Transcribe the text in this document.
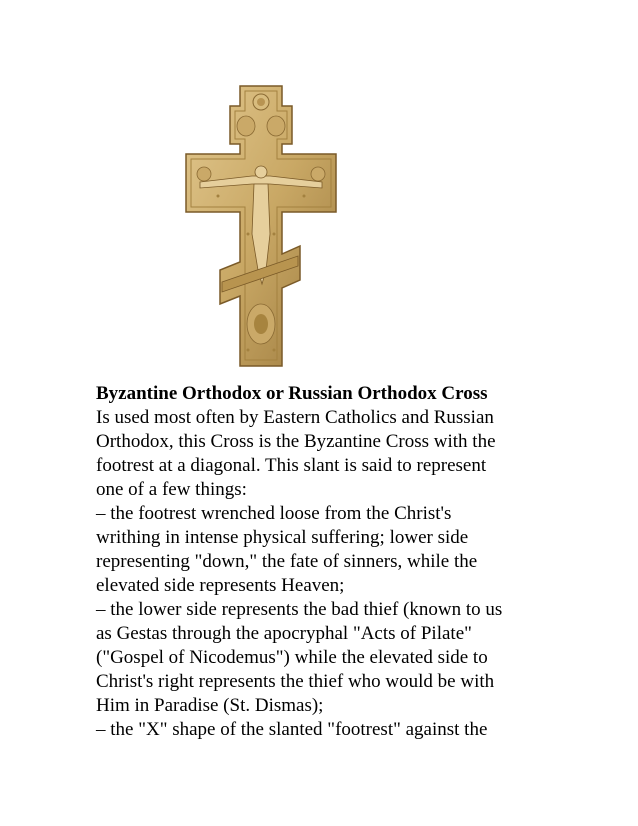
Byzantine Orthodox or Russian Orthodox Cross
Is used most often by Eastern Catholics and Russian
Orthodox, this Cross is the Byzantine Cross with the
footrest at a diagonal. This slant is said to represent
one of a few things:
– the footrest wrenched loose from the Christ's
writhing in intense physical suffering; lower side
representing "down," the fate of sinners, while the
elevated side represents Heaven;
– the lower side represents the bad thief (known to us
as Gestas through the apocryphal "Acts of Pilate"
("Gospel of Nicodemus") while the elevated side to
Christ's right represents the thief who would be with
Him in Paradise (St. Dismas);
– the "X" shape of the slanted "footrest" against the
